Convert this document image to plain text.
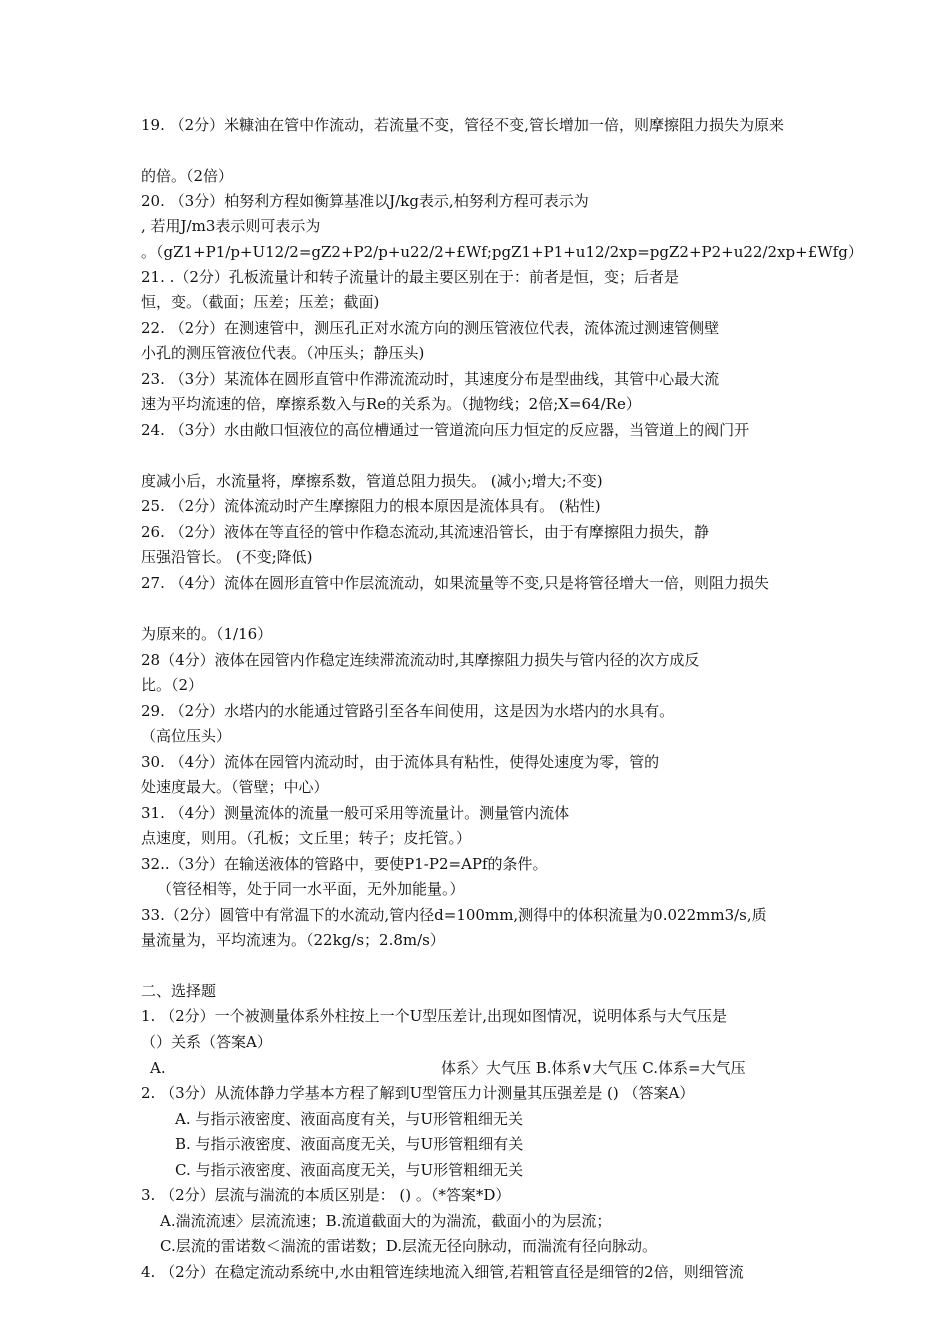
19. （2分）米糠油在管中作流动，若流量不变，管径不变,管长增加一倍，则摩擦阻力损失为原来
的倍。（2倍）
20. （3分）柏努利方程如衡算基准以J/kg表示,柏努利方程可表示为
, 若用J/m3表示则可表示为
。（gZ1+P1/p+U12/2=gZ2+P2/p+u22/2+£Wf;pgZ1+P1+u12/2xp=pgZ2+P2+u22/2xp+£Wfg）
21. .（2分）孔板流量计和转子流量计的最主要区别在于：前者是恒，变；后者是
恒，变。（截面；压差；压差；截面)
22. （2分）在测速管中，测压孔正对水流方向的测压管液位代表，流体流过测速管侧壁
小孔的测压管液位代表。（冲压头；静压头)
23. （3分）某流体在圆形直管中作滞流流动时，其速度分布是型曲线，其管中心最大流
速为平均流速的倍，摩擦系数入与Re的关系为。（抛物线；2倍;X=64/Re）
24. （3分）水由敞口恒液位的高位槽通过一管道流向压力恒定的反应器，当管道上的阀门开
度减小后，水流量将，摩擦系数，管道总阻力损失。 (减小;增大;不变)
25. （2分）流体流动时产生摩擦阻力的根本原因是流体具有。 (粘性)
26. （2分）液体在等直径的管中作稳态流动,其流速沿管长，由于有摩擦阻力损失，静
压强沿管长。 (不变;降低)
27. （4分）流体在圆形直管中作层流流动，如果流量等不变,只是将管径增大一倍，则阻力损失
为原来的。（1/16）
28（4分）液体在园管内作稳定连续滞流流动时,其摩擦阻力损失与管内径的次方成反
比。（2）
29. （2分）水塔内的水能通过管路引至各车间使用，这是因为水塔内的水具有。
（高位压头）
30. （4分）流体在园管内流动时，由于流体具有粘性，使得处速度为零，管的
处速度最大。（管壁；中心）
31. （4分）测量流体的流量一般可采用等流量计。测量管内流体
点速度，则用。（孔板；文丘里；转子；皮托管。）
32..（3分）在输送液体的管路中，要使P1-P2=APf的条件。
（管径相等，处于同一水平面，无外加能量。）
33.（2分）圆管中有常温下的水流动,管内径d=100mm,测得中的体积流量为0.022mm3/s,质
量流量为，平均流速为。（22kg/s；2.8m/s）
二、选择题
1. （2分）一个被测量体系外柱按上一个U型压差计,出现如图情况，说明体系与大气压是
（）关系（答案A）
A.	体系〉大气压 B.体系∨大气压 C.体系=大气压
2. （3分）从流体静力学基本方程了解到U型管压力计测量其压强差是 () （答案A）
A. 与指示液密度、液面高度有关，与U形管粗细无关
B. 与指示液密度、液面高度无关，与U形管粗细有关
C. 与指示液密度、液面高度无关，与U形管粗细无关
3. （2分）层流与湍流的本质区别是： () 。（*答案*D）
A.湍流流速〉层流流速；B.流道截面大的为湍流，截面小的为层流；
C.层流的雷诺数＜湍流的雷诺数；D.层流无径向脉动，而湍流有径向脉动。
4. （2分）在稳定流动系统中,水由粗管连续地流入细管,若粗管直径是细管的2倍，则细管流
